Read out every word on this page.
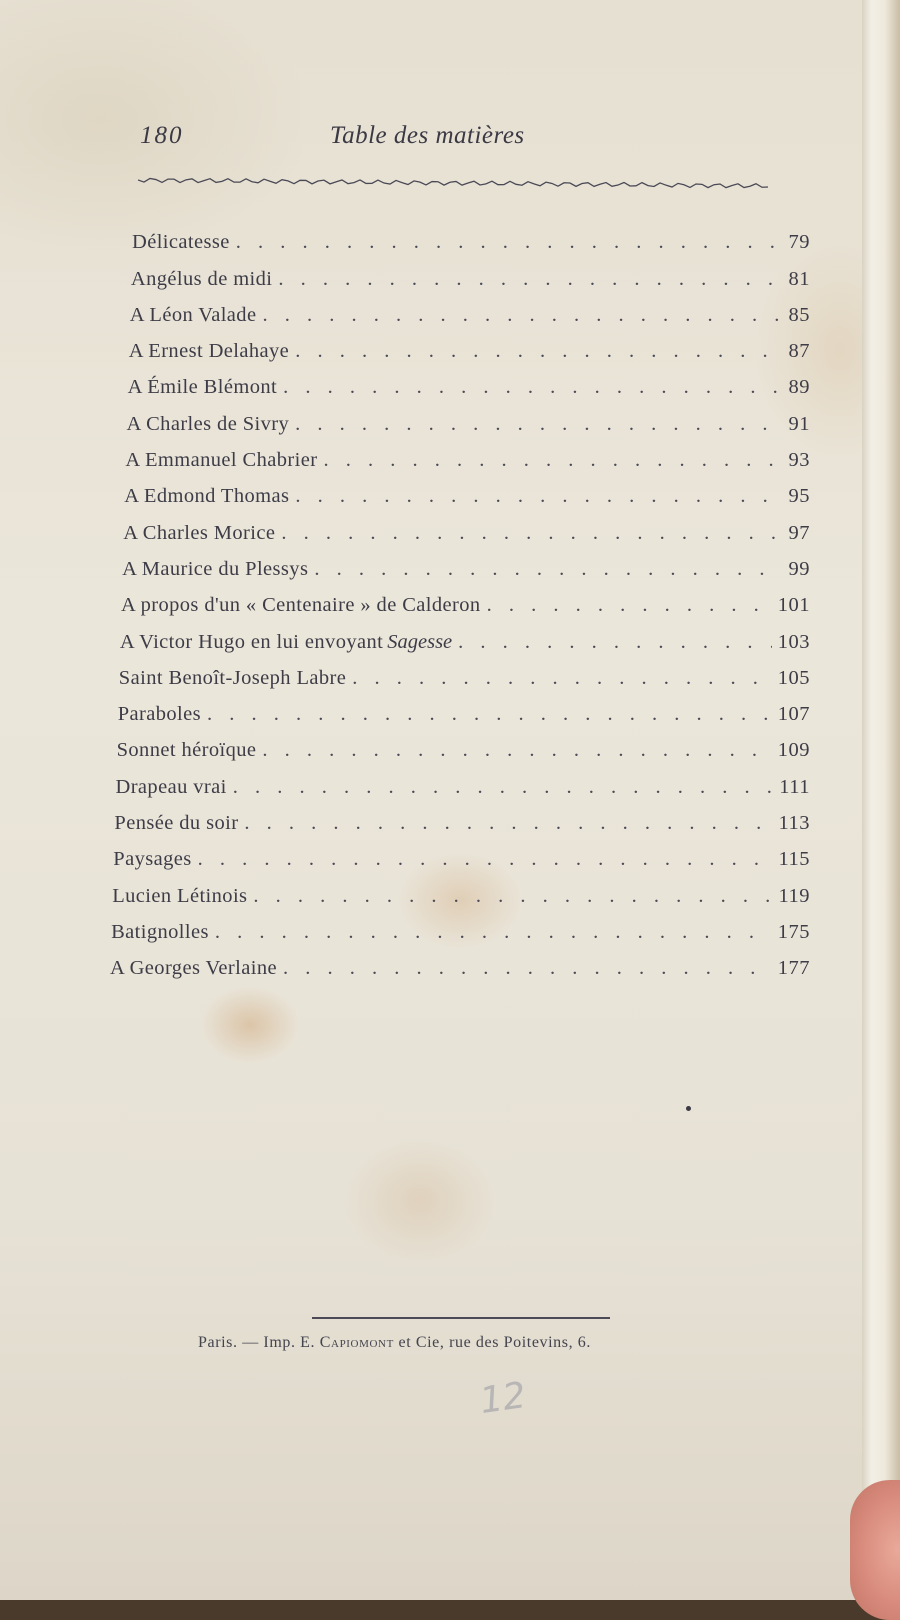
180	Table des matières
Délicatesse . . .	79
Angélus de midi . . .	81
A Léon Valade . . .	85
A Ernest Delahaye . . .	87
A Émile Blémont . . .	89
A Charles de Sivry . . .	91
A Emmanuel Chabrier . . .	93
A Edmond Thomas . . .	95
A Charles Morice . . .	97
A Maurice du Plessys . . .	99
A propos d'un « Centenaire » de Calderon . . .	101
A Victor Hugo en lui envoyant Sagesse . . .	103
Saint Benoît-Joseph Labre . . .	105
Paraboles . . .	107
Sonnet héroïque . . .	109
Drapeau vrai . . .	111
Pensée du soir . . .	113
Paysages . . .	115
Lucien Létinois . . .	119
Batignolles . . .	175
A Georges Verlaine . . .	177
Paris. — Imp. E. Capiomont et Cie, rue des Poitevins, 6.
12
